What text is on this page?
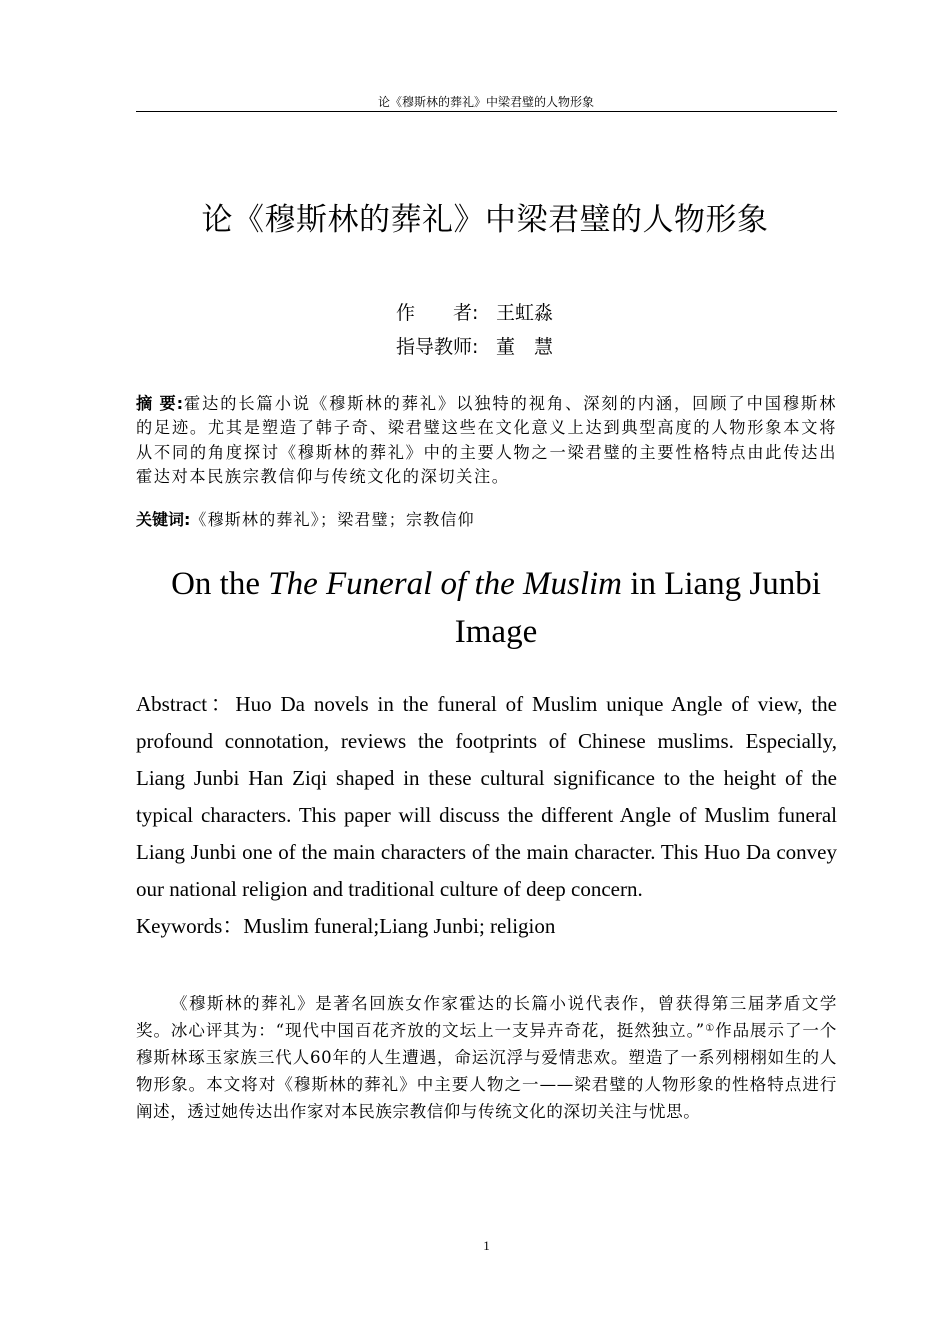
论《穆斯林的葬礼》中梁君璧的人物形象
论《穆斯林的葬礼》中梁君璧的人物形象
作　　者: 王虹淼
指导教师: 董　慧
摘 要:霍达的长篇小说《穆斯林的葬礼》以独特的视角、深刻的内涵，回顾了中国穆斯林的足迹。尤其是塑造了韩子奇、梁君璧这些在文化意义上达到典型高度的人物形象本文将从不同的角度探讨《穆斯林的葬礼》中的主要人物之一梁君璧的主要性格特点由此传达出霍达对本民族宗教信仰与传统文化的深切关注。
关键词:《穆斯林的葬礼》；梁君璧；宗教信仰
On the The Funeral of the Muslim in Liang Junbi Image
Abstract：Huo Da novels in the funeral of Muslim unique Angle of view, the profound connotation, reviews the footprints of Chinese muslims. Especially, Liang Junbi Han Ziqi shaped in these cultural significance to the height of the typical characters. This paper will discuss the different Angle of Muslim funeral Liang Junbi one of the main characters of the main character. This Huo Da convey our national religion and traditional culture of deep concern.
Keywords：Muslim funeral;Liang Junbi; religion
《穆斯林的葬礼》是著名回族女作家霍达的长篇小说代表作，曾获得第三届茅盾文学奖。冰心评其为：“现代中国百花齐放的文坛上一支异卉奇花，挺然独立。”①作品展示了一个穆斯林琢玉家族三代人60年的人生遭遇，命运沉浮与爱情悲欢。塑造了一系列栩栩如生的人物形象。本文将对《穆斯林的葬礼》中主要人物之一——梁君璧的人物形象的性格特点进行阐述，透过她传达出作家对本民族宗教信仰与传统文化的深切关注与忧思。
1
